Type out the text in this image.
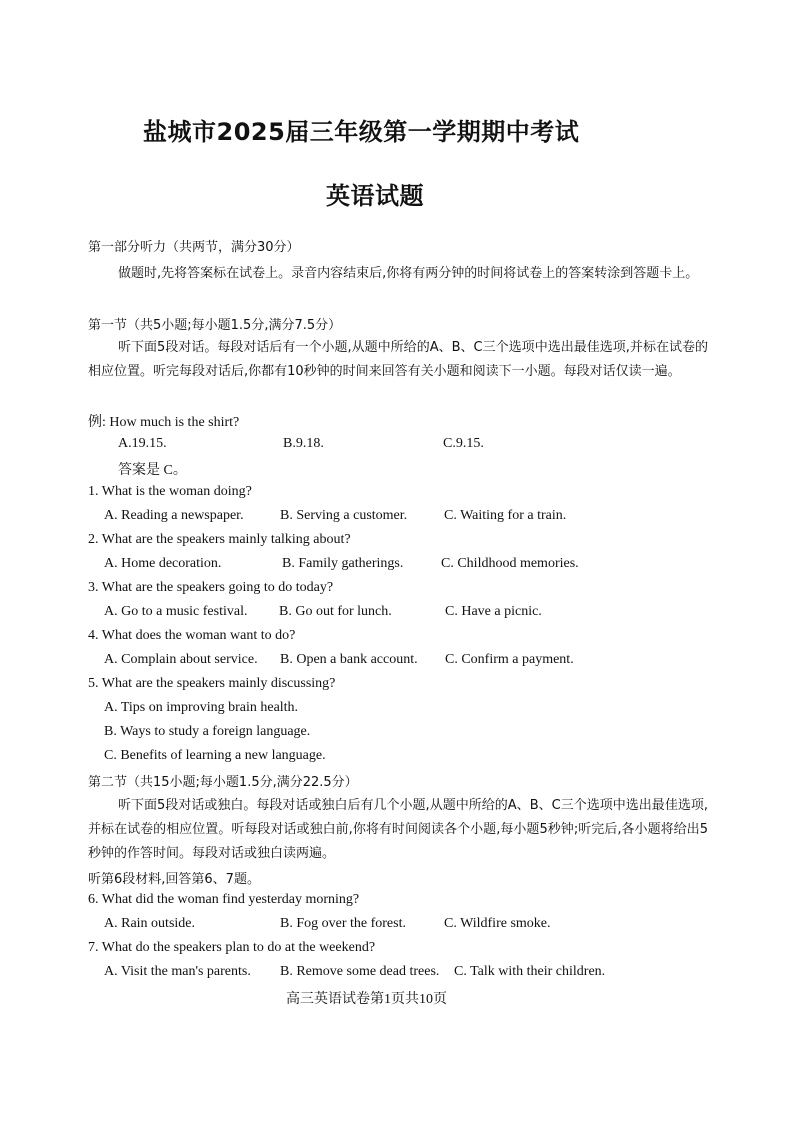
盐城市2025届三年级第一学期期中考试
英语试题
第一部分听力（共两节，满分30分）
做题时,先将答案标在试卷上。录音内容结束后,你将有两分钟的时间将试卷上的答案转涂到答题卡上。
第一节（共5小题;每小题1.5分,满分7.5分）
听下面5段对话。每段对话后有一个小题,从题中所给的A、B、C三个选项中选出最佳选项,并标在试卷的相应位置。听完每段对话后,你都有10秒钟的时间来回答有关小题和阅读下一小题。每段对话仅读一遍。
例: How much is the shirt?
A.19.15.	B.9.18.	C.9.15.
答案是 C。
1. What is the woman doing?
A. Reading a newspaper.	B. Serving a customer.	C. Waiting for a train.
2. What are the speakers mainly talking about?
A. Home decoration.	B. Family gatherings.	C. Childhood memories.
3. What are the speakers going to do today?
A. Go to a music festival. B. Go out for lunch.	C. Have a picnic.
4. What does the woman want to do?
A. Complain about service. B. Open a bank account. C. Confirm a payment.
5. What are the speakers mainly discussing?
A. Tips on improving brain health.
B. Ways to study a foreign language.
C. Benefits of learning a new language.
第二节（共15小题;每小题1.5分,满分22.5分）
听下面5段对话或独白。每段对话或独白后有几个小题,从题中所给的A、B、C三个选项中选出最佳选项,并标在试卷的相应位置。听每段对话或独白前,你将有时间阅读各个小题,每小题5秒钟;听完后,各小题将给出5秒钟的作答时间。每段对话或独白读两遍。
听第6段材料,回答第6、7题。
6. What did the woman find yesterday morning?
A. Rain outside.	B. Fog over the forest.	C. Wildfire smoke.
7. What do the speakers plan to do at the weekend?
A. Visit the man's parents. B. Remove some dead trees. C. Talk with their children.
高三英语试卷第1页共10页
